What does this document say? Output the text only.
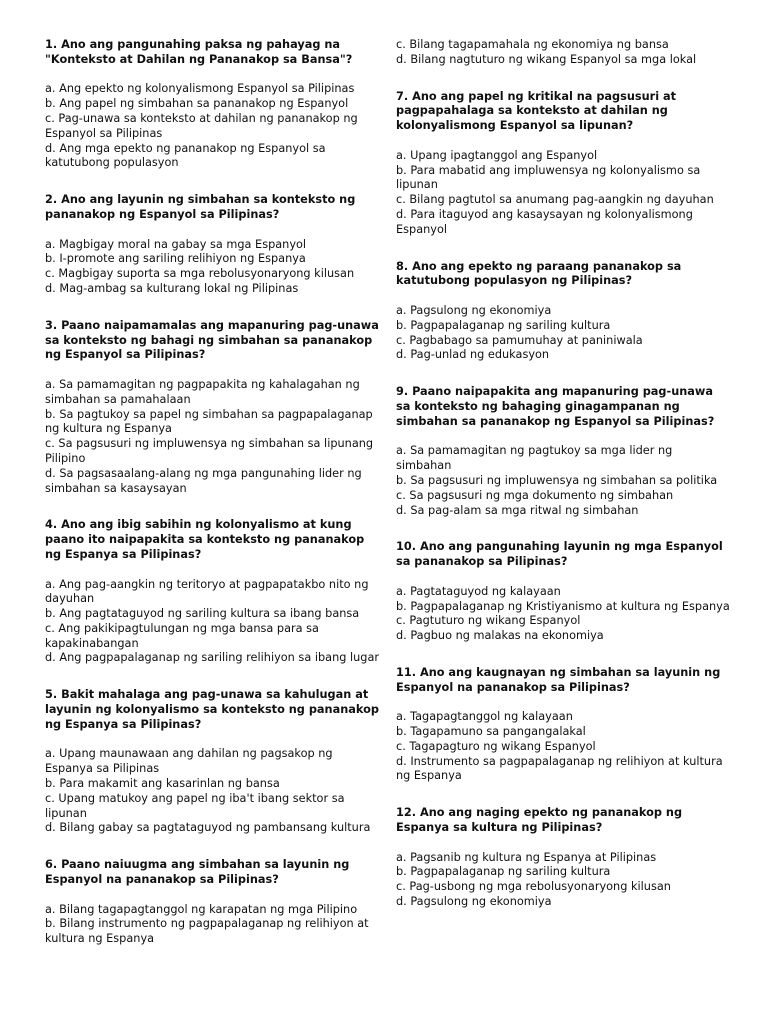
1. Ano ang pangunahing paksa ng pahayag na "Konteksto at Dahilan ng Pananakop sa Bansa"?

a. Ang epekto ng kolonyalismong Espanyol sa Pilipinas

b. Ang papel ng simbahan sa pananakop ng Espanyol

c. Pag-unawa sa konteksto at dahilan ng pananakop ng Espanyol sa Pilipinas

d. Ang mga epekto ng pananakop ng Espanyol sa katutubong populasyon

2. Ano ang layunin ng simbahan sa konteksto ng pananakop ng Espanyol sa Pilipinas?

a. Magbigay moral na gabay sa mga Espanyol

b. I-promote ang sariling relihiyon ng Espanya

c. Magbigay suporta sa mga rebolusyonaryong kilusan

d. Mag-ambag sa kulturang lokal ng Pilipinas

3. Paano naipamamalas ang mapanuring pag-unawa sa konteksto ng bahagi ng simbahan sa pananakop ng Espanyol sa Pilipinas?

a. Sa pamamagitan ng pagpapakita ng kahalagahan ng simbahan sa pamahalaan

b. Sa pagtukoy sa papel ng simbahan sa pagpapalaganap ng kultura ng Espanya

c. Sa pagsusuri ng impluwensya ng simbahan sa lipunang Pilipino

d. Sa pagsasaalang-alang ng mga pangunahing lider ng simbahan sa kasaysayan

4. Ano ang ibig sabihin ng kolonyalismo at kung paano ito naipapakita sa konteksto ng pananakop ng Espanya sa Pilipinas?

a. Ang pag-aangkin ng teritoryo at pagpapatakbo nito ng dayuhan

b. Ang pagtataguyod ng sariling kultura sa ibang bansa

c. Ang pakikipagtulungan ng mga bansa para sa kapakinabangan

d. Ang pagpapalaganap ng sariling relihiyon sa ibang lugar

5. Bakit mahalaga ang pag-unawa sa kahulugan at layunin ng kolonyalismo sa konteksto ng pananakop ng Espanya sa Pilipinas?

a. Upang maunawaan ang dahilan ng pagsakop ng Espanya sa Pilipinas

b. Para makamit ang kasarinlan ng bansa

c. Upang matukoy ang papel ng iba't ibang sektor sa lipunan

d. Bilang gabay sa pagtataguyod ng pambansang kultura

6. Paano naiuugma ang simbahan sa layunin ng Espanyol na pananakop sa Pilipinas?

a. Bilang tagapagtanggol ng karapatan ng mga Pilipino

b. Bilang instrumento ng pagpapalaganap ng relihiyon at kultura ng Espanya

c. Bilang tagapamahala ng ekonomiya ng bansa

d. Bilang nagtuturo ng wikang Espanyol sa mga lokal

7. Ano ang papel ng kritikal na pagsusuri at pagpapahalaga sa konteksto at dahilan ng kolonyalismong Espanyol sa lipunan?

a. Upang ipagtanggol ang Espanyol

b. Para mabatid ang impluwensya ng kolonyalismo sa lipunan

c. Bilang pagtutol sa anumang pag-aangkin ng dayuhan

d. Para itaguyod ang kasaysayan ng kolonyalismong Espanyol

8. Ano ang epekto ng paraang pananakop sa katutubong populasyon ng Pilipinas?

a. Pagsulong ng ekonomiya

b. Pagpapalaganap ng sariling kultura

c. Pagbabago sa pamumuhay at paniniwala

d. Pag-unlad ng edukasyon

9. Paano naipapakita ang mapanuring pag-unawa sa konteksto ng bahaging ginagampanan ng simbahan sa pananakop ng Espanyol sa Pilipinas?

a. Sa pamamagitan ng pagtukoy sa mga lider ng simbahan

b. Sa pagsusuri ng impluwensya ng simbahan sa politika

c. Sa pagsusuri ng mga dokumento ng simbahan

d. Sa pag-alam sa mga ritwal ng simbahan

10. Ano ang pangunahing layunin ng mga Espanyol sa pananakop sa Pilipinas?

a. Pagtataguyod ng kalayaan

b. Pagpapalaganap ng Kristiyanismo at kultura ng Espanya

c. Pagtuturo ng wikang Espanyol

d. Pagbuo ng malakas na ekonomiya

11. Ano ang kaugnayan ng simbahan sa layunin ng Espanyol na pananakop sa Pilipinas?

a. Tagapagtanggol ng kalayaan

b. Tagapamuno sa pangangalakal

c. Tagapagturo ng wikang Espanyol

d. Instrumento sa pagpapalaganap ng relihiyon at kultura ng Espanya

12. Ano ang naging epekto ng pananakop ng Espanya sa kultura ng Pilipinas?

a. Pagsanib ng kultura ng Espanya at Pilipinas

b. Pagpapalaganap ng sariling kultura

c. Pag-usbong ng mga rebolusyonaryong kilusan

d. Pagsulong ng ekonomiya
